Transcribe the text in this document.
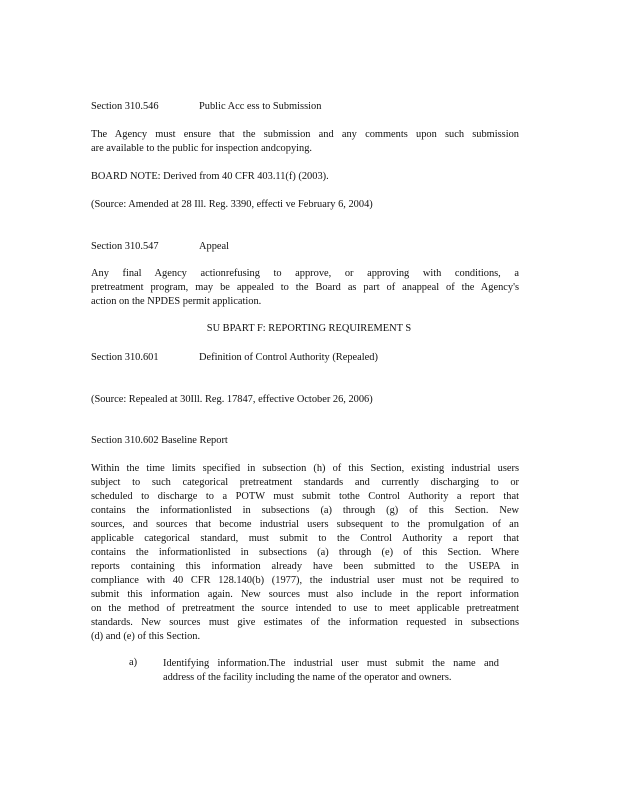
Section 310.546	Public Acc ess to Submission
The Agency must ensure that the submission and any comments upon such submission
are available to the public for inspection andcopying.
BOARD NOTE: Derived from 40 CFR 403.11(f) (2003).
(Source: Amended at 28 Ill. Reg. 3390, effecti ve February 6, 2004)
Section 310.547	Appeal
Any final Agency actionrefusing to approve, or approving with conditions, a
pretreatment program, may be appealed to the Board as part of anappeal of the Agency's
action on the NPDES permit application.
SU BPART F: REPORTING REQUIREMENT S
Section 310.601	Definition of Control Authority (Repealed)
(Source: Repealed at 30Ill. Reg. 17847, effective October 26, 2006)
Section 310.602 Baseline Report
Within the time limits specified in subsection (h) of this Section, existing industrial users
subject to such categorical pretreatment standards and currently discharging to or
scheduled to discharge to a POTW must submit tothe Control Authority a report that
contains the informationlisted in subsections (a) through (g) of this Section. New
sources, and sources that become industrial users subsequent to the promulgation of an
applicable categorical standard, must submit to the Control Authority a report that
contains the informationlisted in subsections (a) through (e) of this Section. Where
reports containing this information already have been submitted to the USEPA in
compliance with 40 CFR 128.140(b) (1977), the industrial user must not be required to
submit this information again. New sources must also include in the report information
on the method of pretreatment the source intended to use to meet applicable pretreatment
standards. New sources must give estimates of the information requested in subsections
(d) and (e) of this Section.
a) Identifying information.The industrial user must submit the name and
address of the facility including the name of the operator and owners.
